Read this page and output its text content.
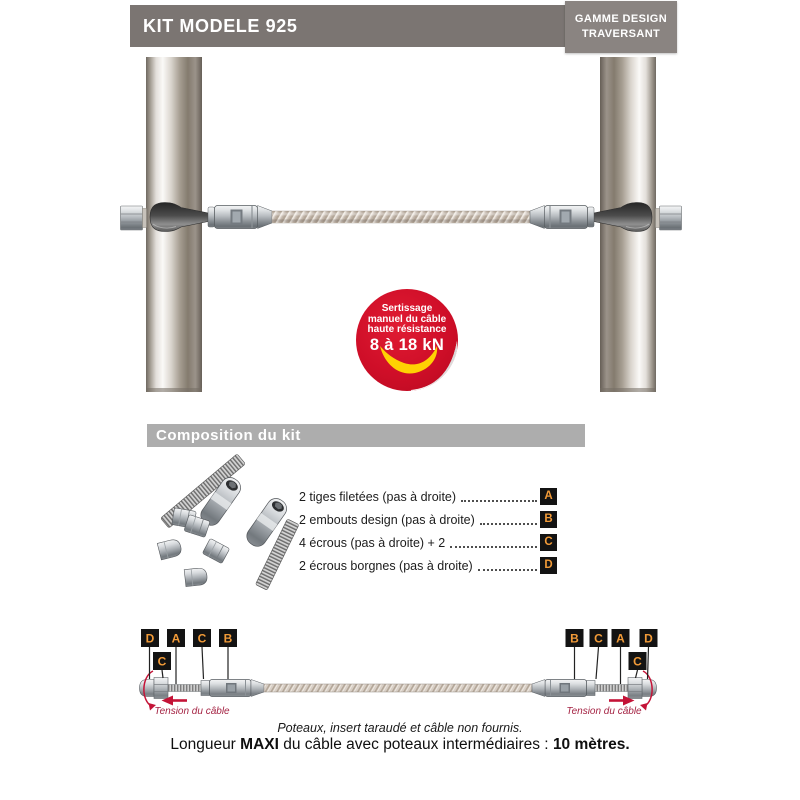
KIT MODELE 925	GAMME DESIGN
TRAVERSANT
Sertissage
manuel du câble
haute résistance
8 à 18 kN
Composition du kit
2 tiges filetées (pas à droite)	A
2 embouts design (pas à droite)	B
4 écrous (pas à droite) + 2	C
2 écrous borgnes (pas à droite)	D
D A C B
C
B C A D
C
Tension du câble	Tension du câble
Poteaux, insert taraudé et câble non fournis.
Longueur MAXI du câble avec poteaux intermédiaires : 10 mètres.
